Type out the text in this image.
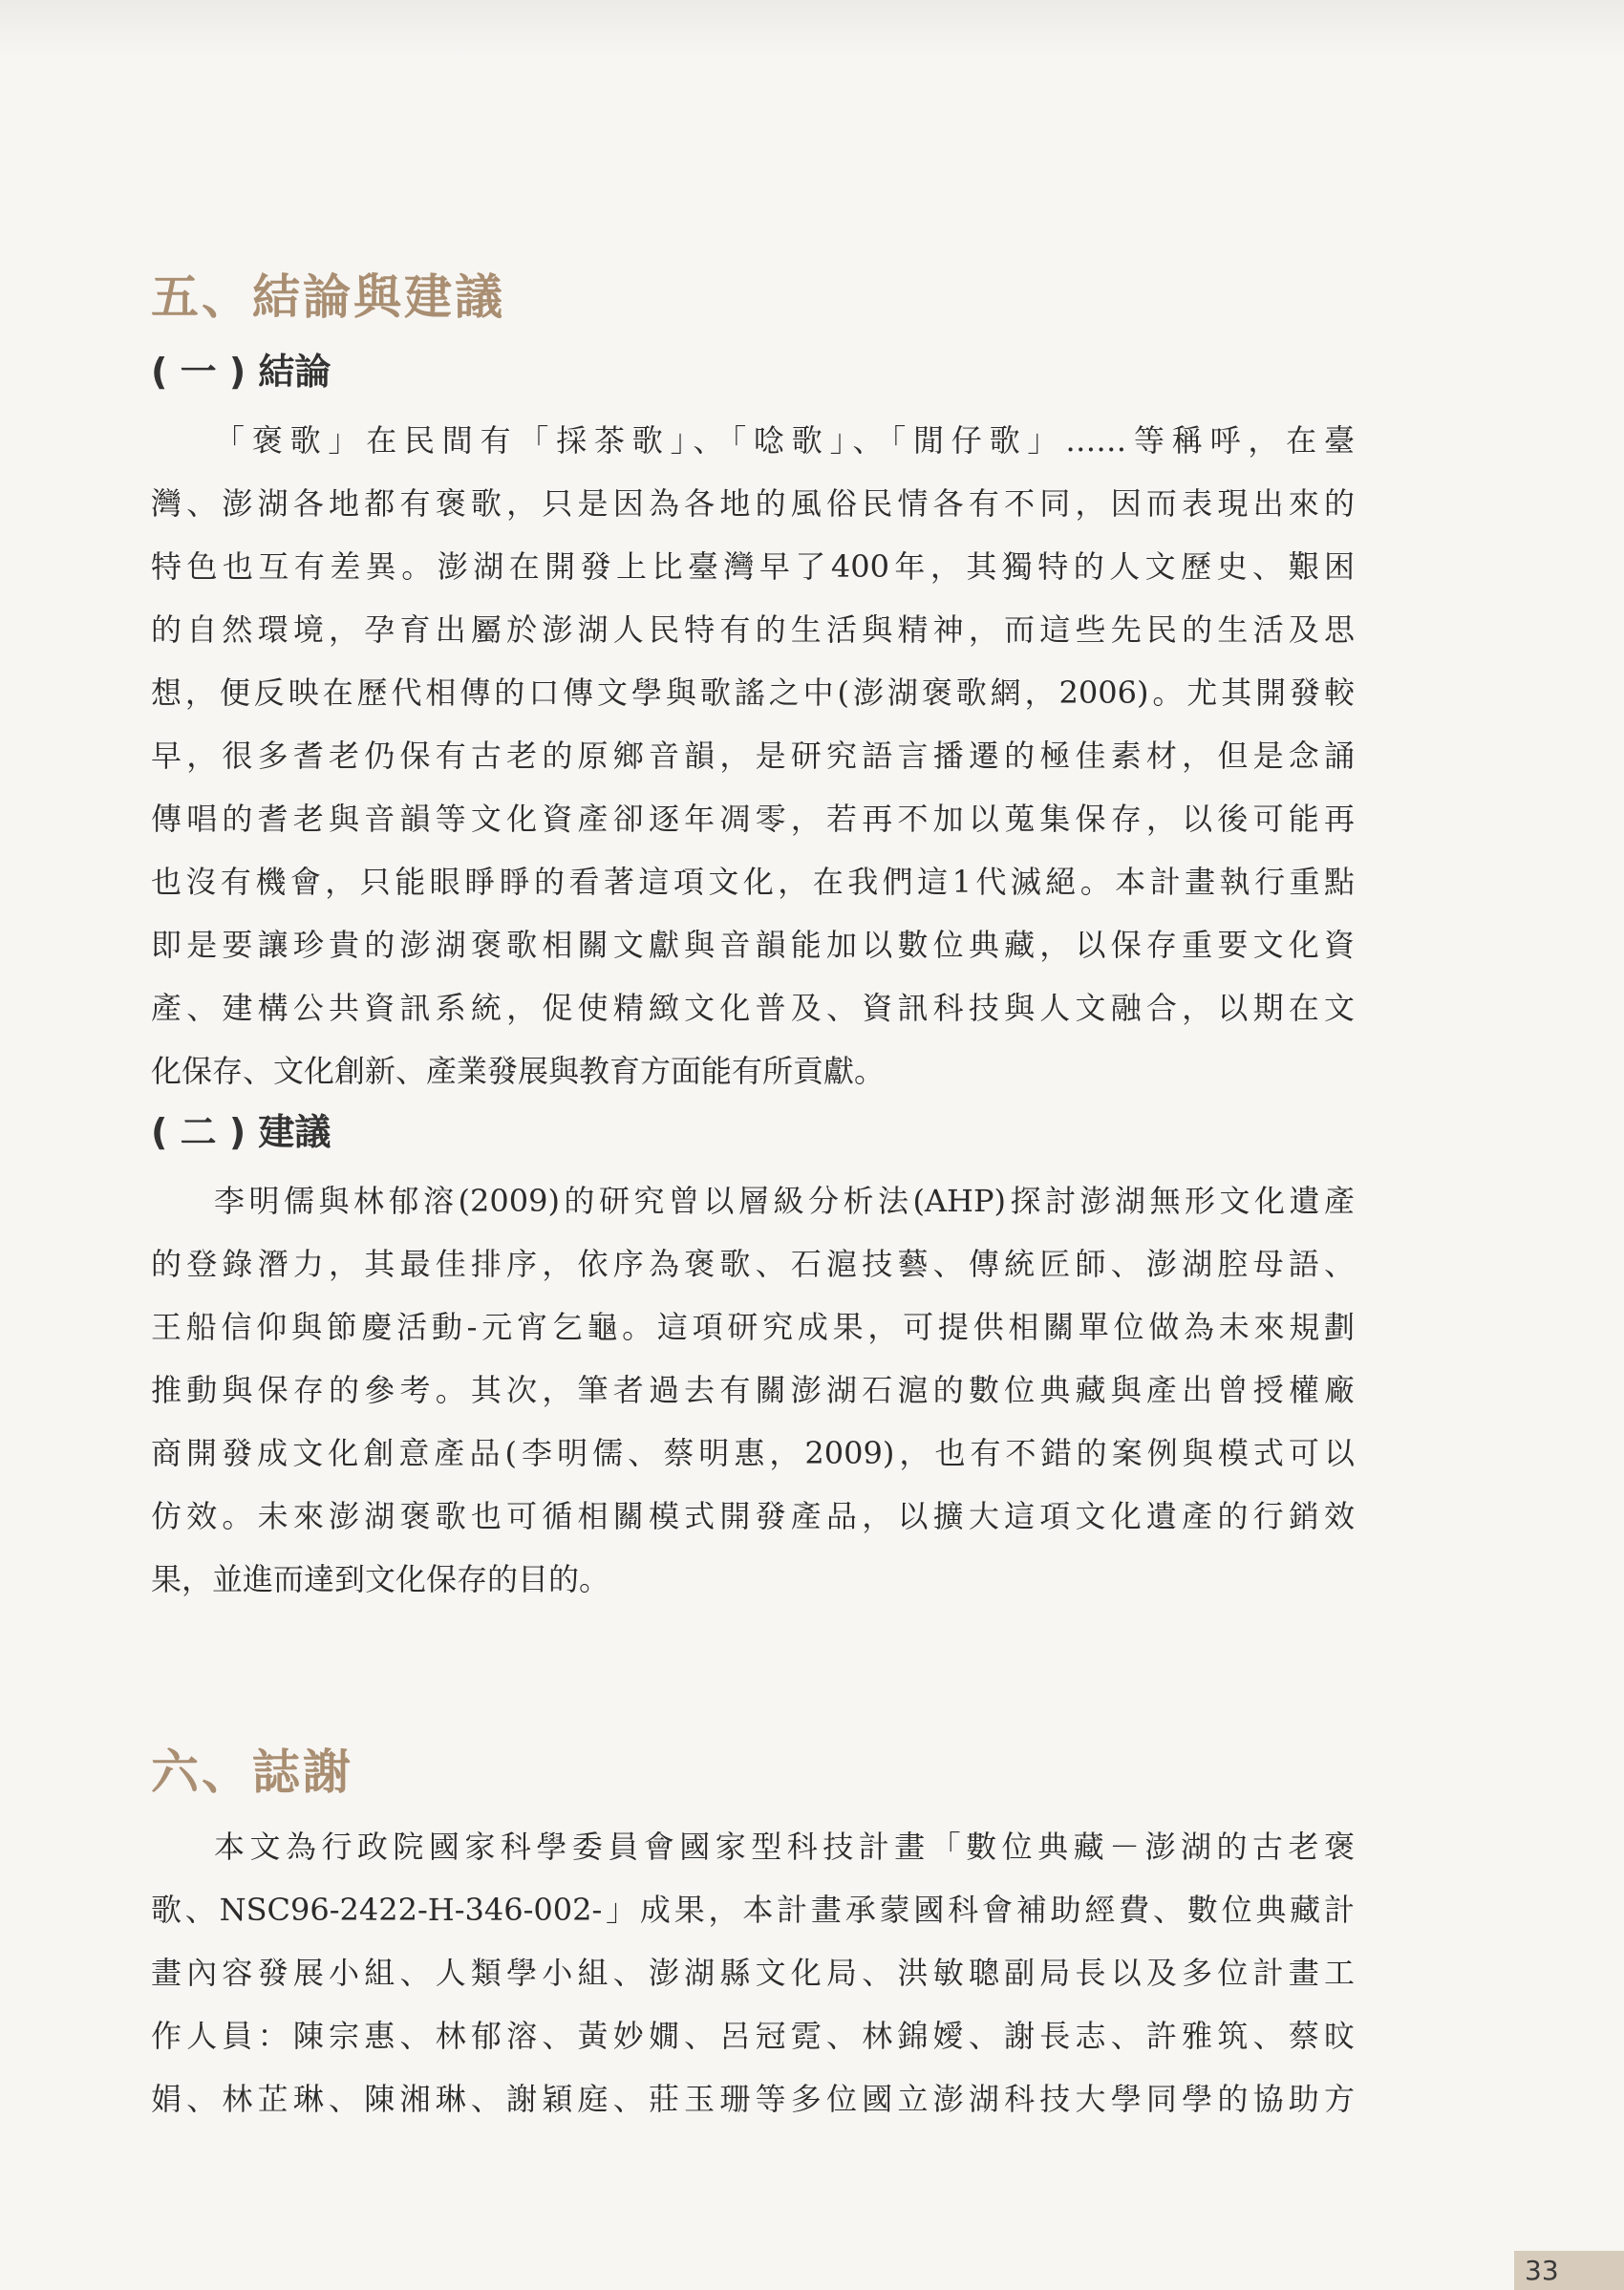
五、結論與建議
( 一 ) 結論
「褒歌」在民間有「採茶歌」、「唸歌」、「閒仔歌」……等稱呼，在臺
灣、澎湖各地都有褒歌，只是因為各地的風俗民情各有不同，因而表現出來的
特色也互有差異。澎湖在開發上比臺灣早了400年，其獨特的人文歷史、艱困
的自然環境，孕育出屬於澎湖人民特有的生活與精神，而這些先民的生活及思
想，便反映在歷代相傳的口傳文學與歌謠之中(澎湖褒歌網，2006)。尤其開發較
早，很多耆老仍保有古老的原鄉音韻，是研究語言播遷的極佳素材，但是念誦
傳唱的耆老與音韻等文化資產卻逐年凋零，若再不加以蒐集保存，以後可能再
也沒有機會，只能眼睜睜的看著這項文化，在我們這1代滅絕。本計畫執行重點
即是要讓珍貴的澎湖褒歌相關文獻與音韻能加以數位典藏，以保存重要文化資
產、建構公共資訊系統，促使精緻文化普及、資訊科技與人文融合，以期在文
化保存、文化創新、產業發展與教育方面能有所貢獻。
( 二 ) 建議
李明儒與林郁溶(2009)的研究曾以層級分析法(AHP)探討澎湖無形文化遺產
的登錄潛力，其最佳排序，依序為褒歌、石滬技藝、傳統匠師、澎湖腔母語、
王船信仰與節慶活動-元宵乞龜。這項研究成果，可提供相關單位做為未來規劃
推動與保存的參考。其次，筆者過去有關澎湖石滬的數位典藏與產出曾授權廠
商開發成文化創意產品(李明儒、蔡明惠，2009)，也有不錯的案例與模式可以
仿效。未來澎湖褒歌也可循相關模式開發產品，以擴大這項文化遺產的行銷效
果，並進而達到文化保存的目的。
六、誌謝
本文為行政院國家科學委員會國家型科技計畫「數位典藏－澎湖的古老褒
歌、NSC96-2422-H-346-002-」成果，本計畫承蒙國科會補助經費、數位典藏計
畫內容發展小組、人類學小組、澎湖縣文化局、洪敏聰副局長以及多位計畫工
作人員：陳宗惠、林郁溶、黃妙嫺、呂冠霓、林錦嬡、謝長志、許雅筑、蔡旼
娟、林芷琳、陳湘琳、謝穎庭、莊玉珊等多位國立澎湖科技大學同學的協助方
33
